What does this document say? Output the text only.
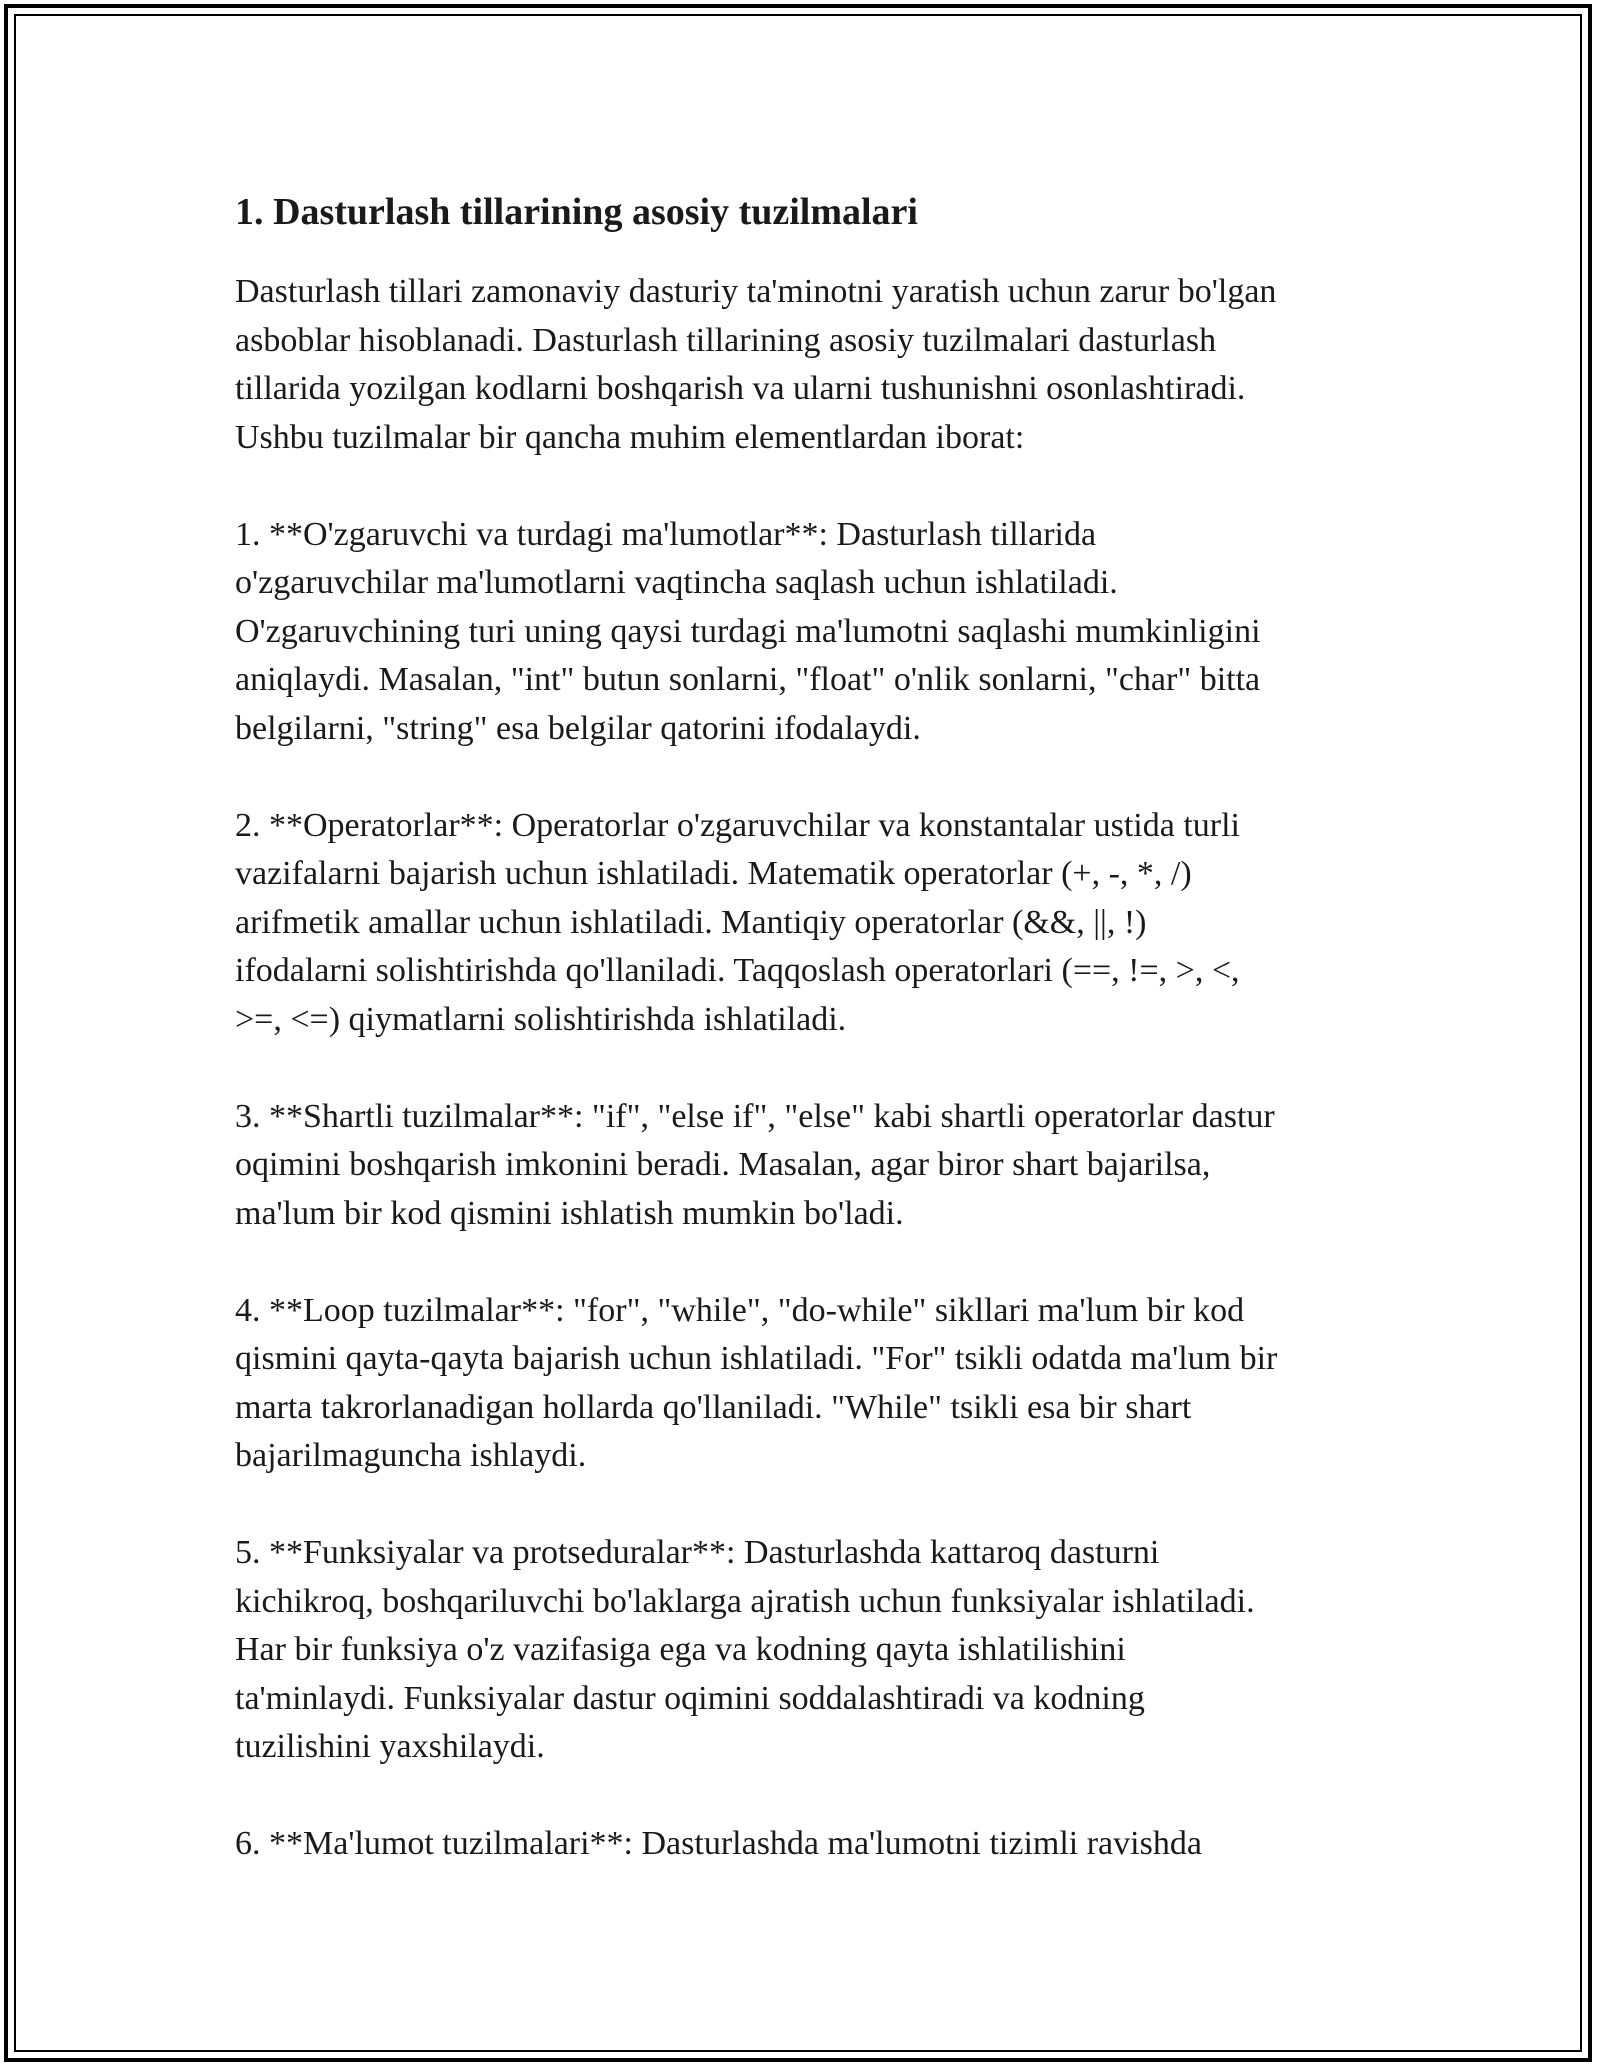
1. Dasturlash tillarining asosiy tuzilmalari

Dasturlash tillari zamonaviy dasturiy ta'minotni yaratish uchun zarur bo'lgan
asboblar hisoblanadi. Dasturlash tillarining asosiy tuzilmalari dasturlash
tillarida yozilgan kodlarni boshqarish va ularni tushunishni osonlashtiradi.
Ushbu tuzilmalar bir qancha muhim elementlardan iborat:

1. **O'zgaruvchi va turdagi ma'lumotlar**: Dasturlash tillarida
o'zgaruvchilar ma'lumotlarni vaqtincha saqlash uchun ishlatiladi.
O'zgaruvchining turi uning qaysi turdagi ma'lumotni saqlashi mumkinligini
aniqlaydi. Masalan, "int" butun sonlarni, "float" o'nlik sonlarni, "char" bitta
belgilarni, "string" esa belgilar qatorini ifodalaydi.

2. **Operatorlar**: Operatorlar o'zgaruvchilar va konstantalar ustida turli
vazifalarni bajarish uchun ishlatiladi. Matematik operatorlar (+, -, *, /)
arifmetik amallar uchun ishlatiladi. Mantiqiy operatorlar (&&, ||, !)
ifodalarni solishtirishda qo'llaniladi. Taqqoslash operatorlari (==, !=, >, <,
>=, <=) qiymatlarni solishtirishda ishlatiladi.

3. **Shartli tuzilmalar**: "if", "else if", "else" kabi shartli operatorlar dastur
oqimini boshqarish imkonini beradi. Masalan, agar biror shart bajarilsa,
ma'lum bir kod qismini ishlatish mumkin bo'ladi.

4. **Loop tuzilmalar**: "for", "while", "do-while" sikllari ma'lum bir kod
qismini qayta-qayta bajarish uchun ishlatiladi. "For" tsikli odatda ma'lum bir
marta takrorlanadigan hollarda qo'llaniladi. "While" tsikli esa bir shart
bajarilmaguncha ishlaydi.

5. **Funksiyalar va protseduralar**: Dasturlashda kattaroq dasturni
kichikroq, boshqariluvchi bo'laklarga ajratish uchun funksiyalar ishlatiladi.
Har bir funksiya o'z vazifasiga ega va kodning qayta ishlatilishini
ta'minlaydi. Funksiyalar dastur oqimini soddalashtiradi va kodning
tuzilishini yaxshilaydi.

6. **Ma'lumot tuzilmalari**: Dasturlashda ma'lumotni tizimli ravishda
